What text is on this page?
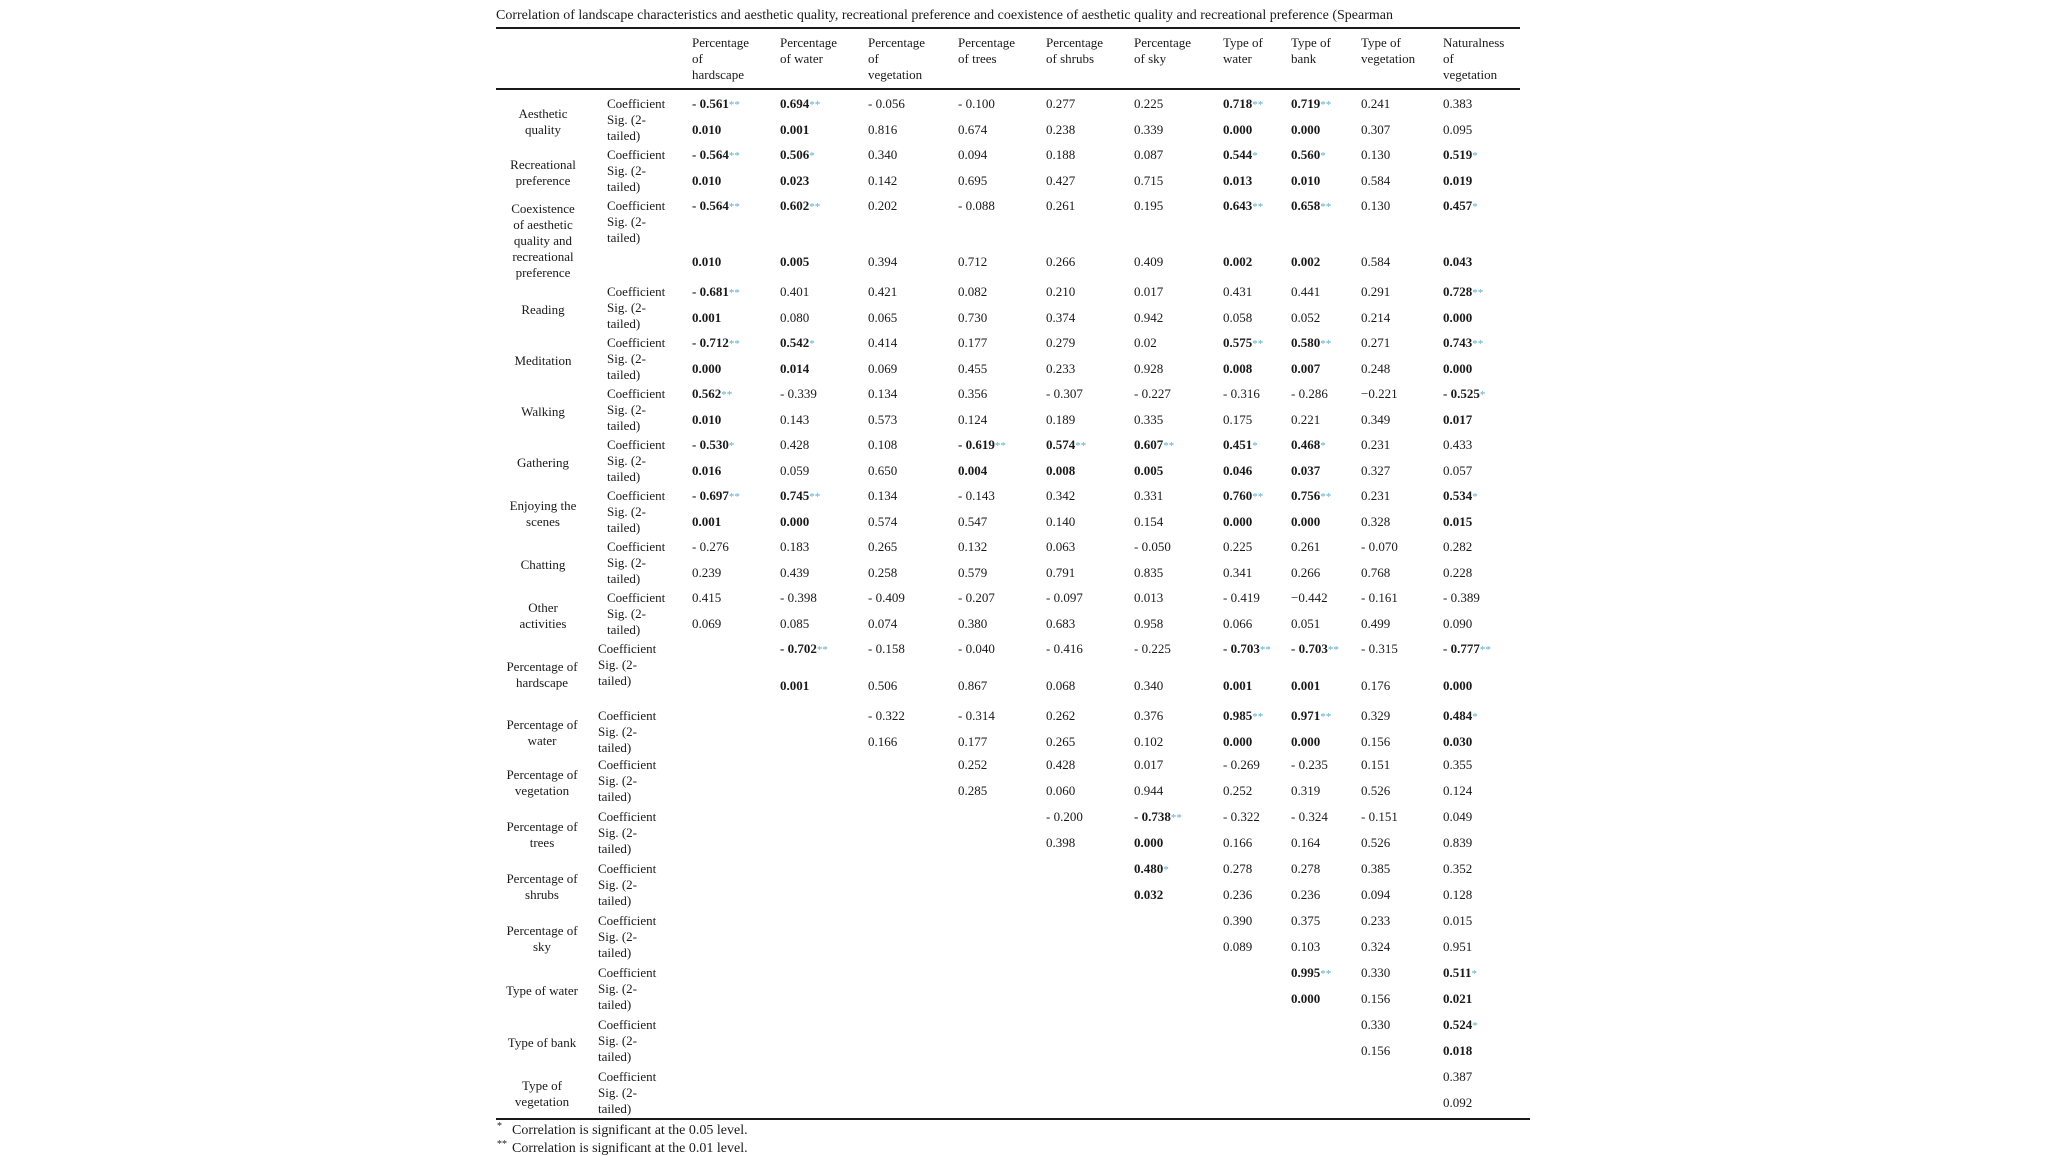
Correlation of landscape characteristics and aesthetic quality, recreational preference and coexistence of aesthetic quality and recreational preference (Spearman
Percentage
of
hardscape
Percentage
of water
Percentage
of
vegetation
Percentage
of trees
Percentage
of shrubs
Percentage
of sky
Type of
water
Type of
bank
Type of
vegetation
Naturalness
of
vegetation
Aesthetic
quality
Coefficient
Sig. (2-
tailed)
- 0.561**
0.010
0.694**
0.001
- 0.056
0.816
- 0.100
0.674
0.277
0.238
0.225
0.339
0.718**
0.000
0.719**
0.000
0.241
0.307
0.383
0.095
Recreational
preference
Coefficient
Sig. (2-
tailed)
- 0.564**
0.010
0.506*
0.023
0.340
0.142
0.094
0.695
0.188
0.427
0.087
0.715
0.544*
0.013
0.560*
0.010
0.130
0.584
0.519*
0.019
Coexistence
of aesthetic
quality and
recreational
preference
Coefficient
Sig. (2-
tailed)
- 0.564**
0.010
0.602**
0.005
0.202
0.394
- 0.088
0.712
0.261
0.266
0.195
0.409
0.643**
0.002
0.658**
0.002
0.130
0.584
0.457*
0.043
Reading
Coefficient
Sig. (2-
tailed)
- 0.681**
0.001
0.401
0.080
0.421
0.065
0.082
0.730
0.210
0.374
0.017
0.942
0.431
0.058
0.441
0.052
0.291
0.214
0.728**
0.000
Meditation
Coefficient
Sig. (2-
tailed)
- 0.712**
0.000
0.542*
0.014
0.414
0.069
0.177
0.455
0.279
0.233
0.02
0.928
0.575**
0.008
0.580**
0.007
0.271
0.248
0.743**
0.000
Walking
Coefficient
Sig. (2-
tailed)
0.562**
0.010
- 0.339
0.143
0.134
0.573
0.356
0.124
- 0.307
0.189
- 0.227
0.335
- 0.316
0.175
- 0.286
0.221
−0.221
0.349
- 0.525*
0.017
Gathering
Coefficient
Sig. (2-
tailed)
- 0.530*
0.016
0.428
0.059
0.108
0.650
- 0.619**
0.004
0.574**
0.008
0.607**
0.005
0.451*
0.046
0.468*
0.037
0.231
0.327
0.433
0.057
Enjoying the
scenes
Coefficient
Sig. (2-
tailed)
- 0.697**
0.001
0.745**
0.000
0.134
0.574
- 0.143
0.547
0.342
0.140
0.331
0.154
0.760**
0.000
0.756**
0.000
0.231
0.328
0.534*
0.015
Chatting
Coefficient
Sig. (2-
tailed)
- 0.276
0.239
0.183
0.439
0.265
0.258
0.132
0.579
0.063
0.791
- 0.050
0.835
0.225
0.341
0.261
0.266
- 0.070
0.768
0.282
0.228
Other
activities
Coefficient
Sig. (2-
tailed)
0.415
0.069
- 0.398
0.085
- 0.409
0.074
- 0.207
0.380
- 0.097
0.683
0.013
0.958
- 0.419
0.066
−0.442
0.051
- 0.161
0.499
- 0.389
0.090
Percentage of
hardscape
Coefficient
Sig. (2-
tailed)
- 0.702**
0.001
- 0.158
0.506
- 0.040
0.867
- 0.416
0.068
- 0.225
0.340
- 0.703**
0.001
- 0.703**
0.001
- 0.315
0.176
- 0.777**
0.000
Percentage of
water
Coefficient
Sig. (2-
tailed)
- 0.322
0.166
- 0.314
0.177
0.262
0.265
0.376
0.102
0.985**
0.000
0.971**
0.000
0.329
0.156
0.484*
0.030
Percentage of
vegetation
Coefficient
Sig. (2-
tailed)
0.252
0.285
0.428
0.060
0.017
0.944
- 0.269
0.252
- 0.235
0.319
0.151
0.526
0.355
0.124
Percentage of
trees
Coefficient
Sig. (2-
tailed)
- 0.200
0.398
- 0.738**
0.000
- 0.322
0.166
- 0.324
0.164
- 0.151
0.526
0.049
0.839
Percentage of
shrubs
Coefficient
Sig. (2-
tailed)
0.480*
0.032
0.278
0.236
0.278
0.236
0.385
0.094
0.352
0.128
Percentage of
sky
Coefficient
Sig. (2-
tailed)
0.390
0.089
0.375
0.103
0.233
0.324
0.015
0.951
Type of water
Coefficient
Sig. (2-
tailed)
0.995**
0.000
0.330
0.156
0.511*
0.021
Type of bank
Coefficient
Sig. (2-
tailed)
0.330
0.156
0.524*
0.018
Type of
vegetation
Coefficient
Sig. (2-
tailed)
0.387
0.092
* Correlation is significant at the 0.05 level.
** Correlation is significant at the 0.01 level.
